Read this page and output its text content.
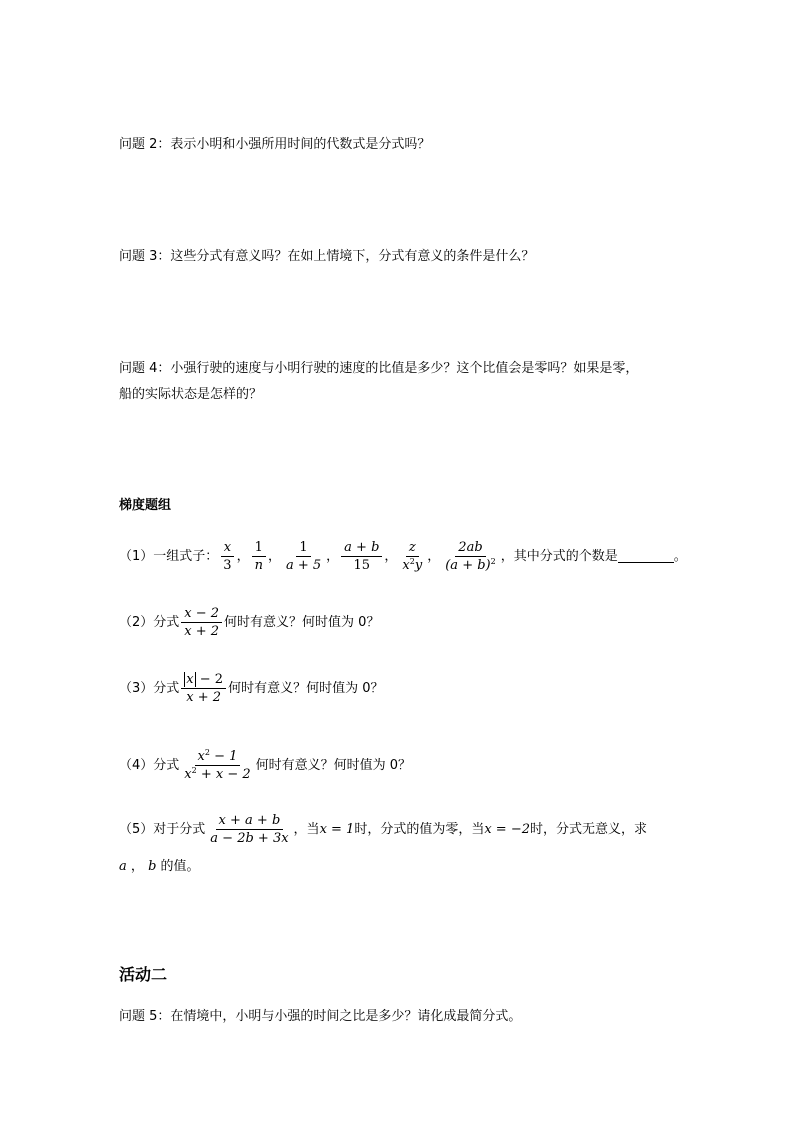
问题 2：表示小明和小强所用时间的代数式是分式吗？
问题 3：这些分式有意义吗？在如上情境下，分式有意义的条件是什么？
问题 4：小强行驶的速度与小明行驶的速度的比值是多少？这个比值会是零吗？如果是零，
船的实际状态是怎样的？
梯度题组
（1）一组式子： $\frac{x}{3}$ ， $\frac{1}{n}$ ， $\frac{1}{a + 5}$ ， $\frac{a + b}{15}$ ， $\frac{z}{x^2y}$ ， $\frac{2ab}{(a + b)^2}$ ，其中分式的个数是	。
（2）分式 $\frac{x - 2}{x + 2}$ 何时有意义？何时值为 0？
（3）分式 $\frac{x - 2}{x + 2}$ 何时有意义？何时值为 0？
（4）分式 $\frac{x^2 - 1}{x^2 + x - 2}$ 何时有意义？何时值为 0？
（5）对于分式 $\frac{x + a + b}{a - 2b + 3x}$ ，当 x = 1 时，分式的值为零，当 x = −2 时，分式无意义，求
a ， b 的值。
活动二
问题 5：在情境中，小明与小强的时间之比是多少？请化成最简分式。
